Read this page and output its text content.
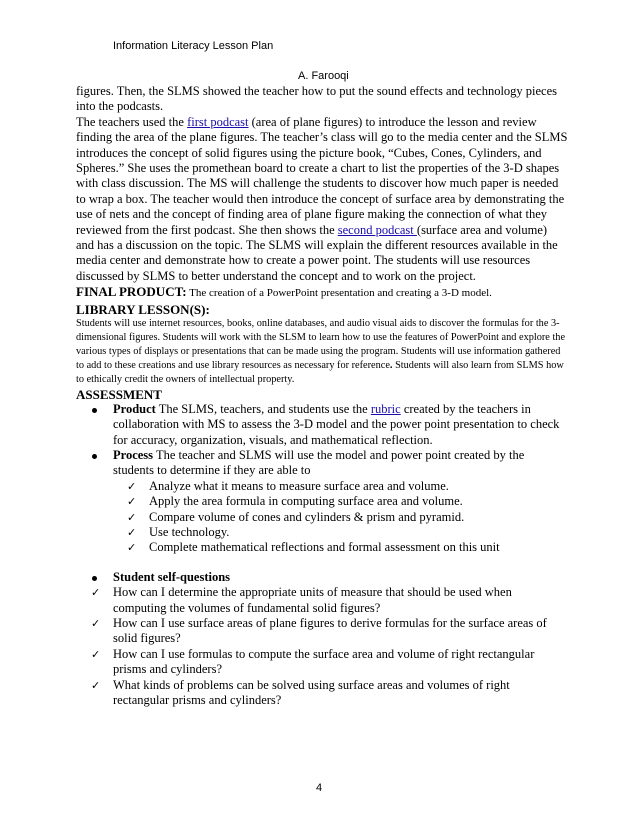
Information Literacy Lesson Plan
A. Farooqi

figures. Then, the SLMS showed the teacher how to put the sound effects and technology pieces into the podcasts.

The teachers used the first podcast (area of plane figures) to introduce the lesson and review finding the area of the plane figures. The teacher’s class will go to the media center and the SLMS introduces the concept of solid figures using the picture book, “Cubes, Cones, Cylinders, and Spheres.” She uses the promethean board to create a chart to list the properties of the 3-D shapes with class discussion. The MS will challenge the students to discover how much paper is needed to wrap a box. The teacher would then introduce the concept of surface area by demonstrating the use of nets and the concept of finding area of plane figure making the connection of what they reviewed from the first podcast. She then shows the second podcast (surface area and volume) and has a discussion on the topic. The SLMS will explain the different resources available in the media center and demonstrate how to create a power point. The students will use resources discussed by SLMS to better understand the concept and to work on the project.

FINAL PRODUCT: The creation of a PowerPoint presentation and creating a 3-D model.

LIBRARY LESSON(S):

Students will use internet resources, books, online databases, and audio visual aids to discover the formulas for the 3-dimensional figures. Students will work with the SLSM to learn how to use the features of PowerPoint and explore the various types of displays or presentations that can be made using the program. Students will use information gathered to add to these creations and use library resources as necessary for reference. Students will also learn from SLMS how to ethically credit the owners of intellectual property.

ASSESSMENT

Product The SLMS, teachers, and students use the rubric created by the teachers in collaboration with MS to assess the 3-D model and the power point presentation to check for accuracy, organization, visuals, and mathematical reflection.
Process The teacher and SLMS will use the model and power point created by the students to determine if they are able to
✓ Analyze what it means to measure surface area and volume.
✓ Apply the area formula in computing surface area and volume.
✓ Compare volume of cones and cylinders & prism and pyramid.
✓ Use technology.
✓ Complete mathematical reflections and formal assessment on this unit
Student self-questions
✓ How can I determine the appropriate units of measure that should be used when computing the volumes of fundamental solid figures?
✓ How can I use surface areas of plane figures to derive formulas for the surface areas of solid figures?
✓ How can I use formulas to compute the surface area and volume of right rectangular prisms and cylinders?
✓ What kinds of problems can be solved using surface areas and volumes of right rectangular prisms and cylinders?
4
